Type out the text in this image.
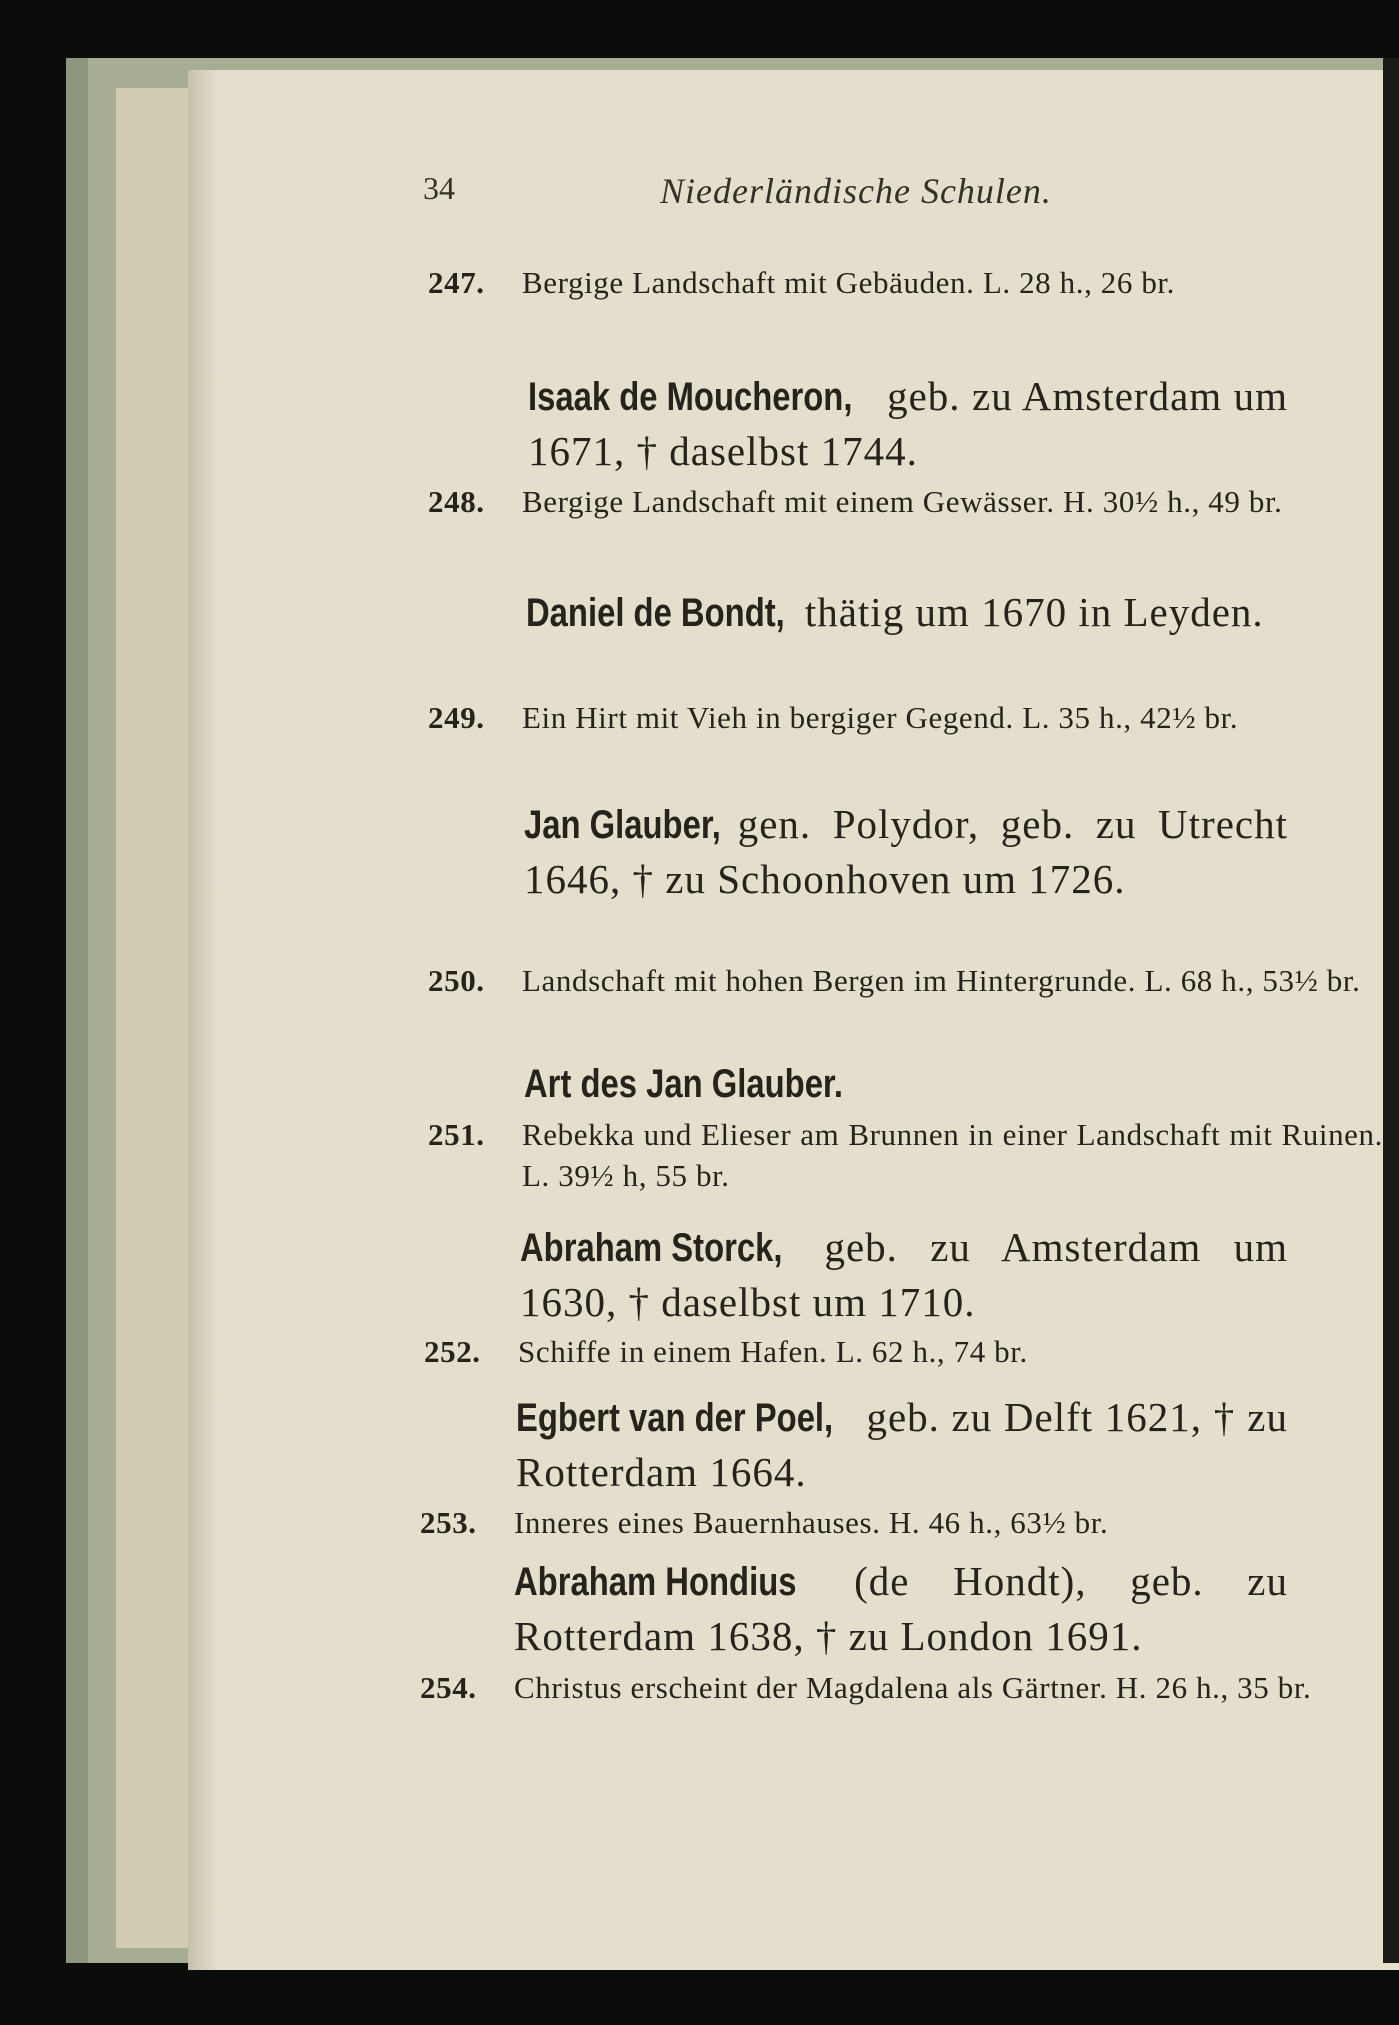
34	Niederländische Schulen.

247. Bergige Landschaft mit Gebäuden. L. 28 h., 26 br.

Isaak de Moucheron, geb. zu Amsterdam um 1671, † daselbst 1744.

248. Bergige Landschaft mit einem Gewässer. H. 30½ h., 49 br.

Daniel de Bondt, thätig um 1670 in Leyden.

249. Ein Hirt mit Vieh in bergiger Gegend. L. 35 h., 42½ br.

Jan Glauber, gen. Polydor, geb. zu Utrecht 1646, † zu Schoonhoven um 1726.

250. Landschaft mit hohen Bergen im Hintergrunde. L. 68 h., 53½ br.

Art des Jan Glauber.

251. Rebekka und Elieser am Brunnen in einer Landschaft mit Ruinen. L. 39½ h, 55 br.

Abraham Storck, geb. zu Amsterdam um 1630, † daselbst um 1710.

252. Schiffe in einem Hafen. L. 62 h., 74 br.

Egbert van der Poel, geb. zu Delft 1621, † zu Rotterdam 1664.

253. Inneres eines Bauernhauses. H. 46 h., 63½ br.

Abraham Hondius (de Hondt), geb. zu Rotterdam 1638, † zu London 1691.

254. Christus erscheint der Magdalena als Gärtner. H. 26 h., 35 br.
